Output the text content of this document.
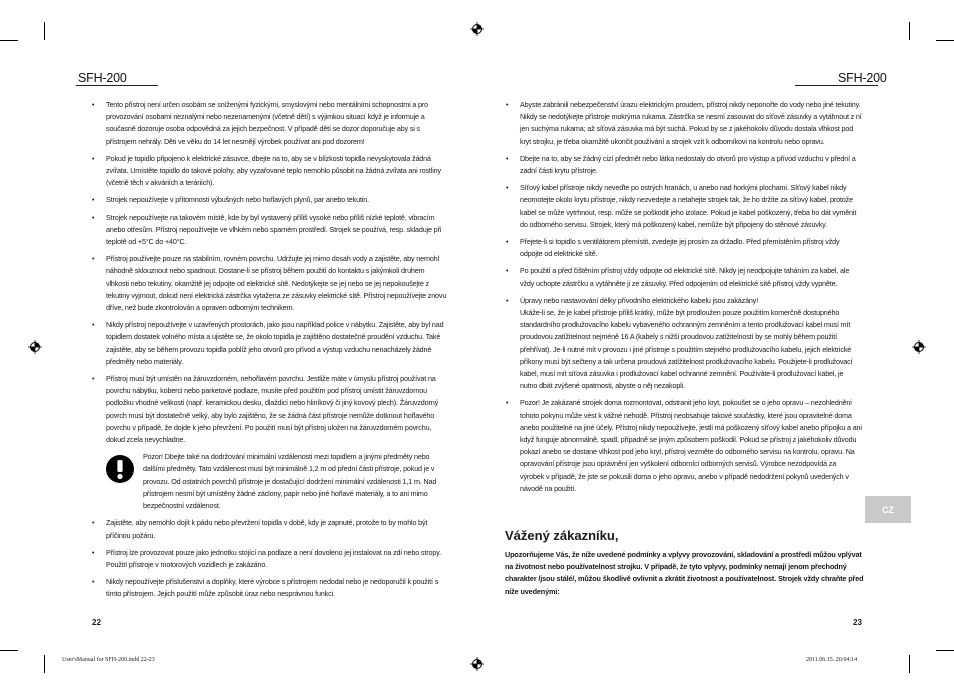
SFH-200	SFH-200
• Tento přístroj není určen osobám se sníženými fyzickými, smyslovými nebo mentálními schopnostmi a pro provozování osobami neznalými nebo nezenamenými (včetně dětí) s výjimkou situací když je informuje a současně dozoruje osoba odpovědná za jejich bezpečnost. V případě dětí se dozor doporučuje aby si s přístrojem nehrály. Děti ve věku do 14 let nesmějí výrobek používat ani pod dozorem!
• Pokud je topidlo připojeno k elektrické zásuvce, dbejte na to, aby se v blízkosti topidla nevyskytovala žádná zvířata. Umístěte topidlo do takové polohy, aby vyzařované teplo nemohlo působit na žádná zvířata ani rostliny (včetně těch v akváriích a teráriích).
• Strojek nepoužívejte v přítomnosti výbušných nebo hořlavých plynů, par anebo tekutin.
• Strojek nepoužívejte na takovém místě, kde by byl vystavený příliš vysoké nebo příliš nízké teplotě, vibracím anebo otřesům. Přístroj nepoužívejte ve vlhkém nebo sparném prostředí. Strojek se používá, resp. skladuje při teplotě od +5°C do +40°C.
• Přístroj používejte pouze na stabilním, rovném povrchu. Udržujte jej mimo dosah vody a zajistěte, aby nemohl náhodně sklouznout nebo spadnout. Dostane-li se přístroj během použití do kontaktu s jakýmkoli druhem vlhkosti nebo tekutiny, okamžitě jej odpojte od elektrické sítě. Nedotýkejte se jej nebo se jej nepokoušejte z tekutiny vyjmout, dokud není elektrická zástrčka vytažena ze zásuvky elektrické sítě. Přístroj nepoužívejte znovu dříve, než bude zkontrolován a opraven odborným technikem.
• Nikdy přístroj nepoužívejte v uzavřených prostorách, jako jsou například police v nábytku. Zajistěte, aby byl nad topidlem dostatek volného místa a ujistěte se, že okolo topidla je zajištěno dostatečné proudění vzduchu. Také zajistěte, aby se během provozu topidla poblíž jeho otvorů pro přívod a výstup vzduchu nenacházely žádné předměty nebo materiály.
• Přístroj musí být umístěn na žáruvzdorném, nehořlavém povrchu. Jestliže máte v úmyslu přístroj používat na povrchu nábytku, koberci nebo parketové podlaze, musíte před použitím pod přístroj umístit žáruvzdornou podložku vhodné velikosti (např. keramickou desku, dlaždici nebo hliníkový či jiný kovový plech). Žáruvzdorný povrch musí být dostatečně velký, aby bylo zajištěno, že se žádná část přístroje nemůže dotknout hořlavého povrchu v případě, že dojde k jeho převržení. Po použití musí být přístroj uložen na žáruvzdorném povrchu, dokud zcela nevychladne.
Pozor! Dbejte také na dodržování minimální vzdálenosti mezi topidlem a jinými předměty nebo dalšími předměty. Tato vzdálenost musí být minimálně 1,2 m od přední části přístroje, pokud je v provozu. Od ostatních povrchů přístroje je dostačující dodržení minimální vzdálenosti 1,1 m. Nad přístrojem nesmí být umístěny žádné záclony, papír nebo jiné hořlavé materiály, a to ani mimo bezpečnostní vzdálenost.
• Zajistěte, aby nemohlo dojít k pádu nebo převržení topidla v době, kdy je zapnuté, protože to by mohlo být příčinou požáru.
• Přístroj lze provozovat pouze jako jednotku stojící na podlaze a není dovoleno jej instalovat na zdi nebo stropy. Použití přístroje v motorových vozidlech je zakázáno.
• Nikdy nepoužívejte příslušenství a doplňky, které výrobce s přístrojem nedodal nebo je nedoporučil k použití s tímto přístrojem. Jejich použití může způsobit úraz nebo nesprávnou funkci.
22
• Abyste zabránili nebezpečenství úrazu elektrickým proudem, přístroj nikdy neponořte do vody nebo jiné tekutiny. Nikdy se nedotýkejte přístroje mokrýma rukama. Zástrčka se nesmí zasouvat do síťové zásuvky a vytáhnout z ní jen suchýma rukama; až síťová zásuvka má být suchá. Pokud by se z jakéhokoliv důvodu dostala vlhkost pod kryt strojku, je třeba okamžitě ukončit používání a strojek vzít k odborníkovi na kontrolu nebo opravu.
• Dbejte na to, aby se žádný cizí předmět nebo látka nedostaly do otvorů pro výstup a přívod vzduchu v přední a zadní části krytu přístroje.
• Síťový kabel přístroje nikdy neveďte po ostrých hranách, u anebo nad horkými plochami. Síťový kabel nikdy neomotejte okolo krytu přístroje, nikdy nezvedejte a netahejte strojek tak, že ho držíte za síťový kabel, protože kabel se může vytrhnout, resp. může se poškodit jeho izolace. Pokud je kabel poškozený, třeba ho dát vyměnit do odborného servisu. Strojek, který má poškozený kabel, nemůže být připojený do stěnové zásuvky.
• Přejete-li si topidlo s ventilátorem přemístit, zvedejte jej prosím za držadlo. Před přemístěním přístroj vždy odpojte od elektrické sítě.
• Po použití a před čištěním přístroj vždy odpojte od elektrické sítě. Nikdy jej neodpojujte taháním za kabel, ale vždy uchopte zástrčku a vytáhněte ji ze zásuvky. Před odpojením od elektrické sítě přístroj vždy vypněte.
• Úpravy nebo nastavování délky přívodního elektrického kabelu jsou zakázány!
Ukáže-li se, že je kabel přístroje příliš krátký, může být prodloužen pouze použitím komerčně dostupného standardního prodlužovacího kabelu vybaveného ochranným zemněním a tento prodlužovací kabel musí mít proudovou zatížitelnost nejméně 16 A (kabely s nižší proudovou zatížitelností by se mohly během použití přehřívat). Je-li nutné mít v provozu i jiné přístroje s použitím stejného prodlužovacího kabelu, jejich elektrické příkony musí být sečteny a tak určena proudová zatížitelnost prodlužovacího kabelu. Použijete-li prodlužovací kabel, musí mít síťová zásuvka i prodlužovací kabel ochranné zemnění. Používáte-li prodlužovací kabel, je nutno dbát zvýšené opatrnosti, abyste o něj nezakopli.
• Pozor! Je zakázané strojek doma rozmontovat, odstranit jeho kryt, pokoušet se o jeho opravu – nezohledněni tohoto pokynu může vést k vážné nehodě. Přístroj neobsahuje takové součástky, které jsou opravitelné doma anebo použitelné na jiné účely. Přístroj nikdy nepoužívejte, jestli má poškozený síťový kabel anebo přípojku a ani když funguje abnormálně, spadl, případně se jiným způsobem poškodil. Pokud se přístroj z jakéhokoliv důvodu pokazí anebo se dostane vlhkost pod jeho kryt, přístroj vezměte do odborného servisu na kontrolu, opravu. Na opravování přístroje jsou oprávnění jen vyškolení odborníci odborných servisů. Výrobce nezodpovídá za výrobek v případě, že jste se pokusili doma o jeho opravu, anebo v případě nedodržení pokynů uvedených v návodě na použití.
CZ
Vážený zákazníku,
Upozorňujeme Vás, že níže uvedené podmínky a vplyvy provozování, skladování a prostředí můžou vplývat na životnost nebo používatelnost strojku. V případě, že tyto vplyvy, podmínky nemají jenom přechodný charakter /jsou stálé/, můžou škodlivě ovlivnit a zkrátit životnost a používatelnost. Strojek vždy chraňte před níže uvedenými:
23
User'sManual for SFH-200.indd 22-23	2011.06.15. 20:04:14
